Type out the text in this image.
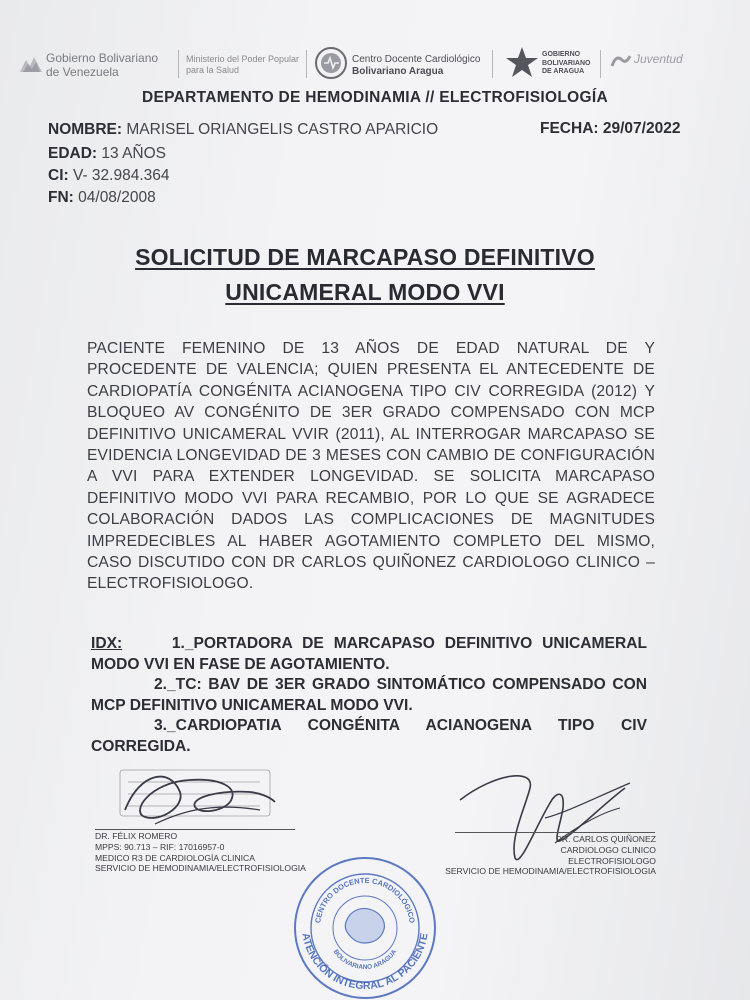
Gobierno Bolivariano
de Venezuela
Ministerio del Poder Popular
para la Salud
Centro Docente Cardiológico
Bolivariano Aragua
GOBIERNO
BOLIVARIANO
DE ARAGUA
Juventud
DEPARTAMENTO DE HEMODINAMIA // ELECTROFISIOLOGÍA
NOMBRE: MARISEL ORIANGELIS CASTRO APARICIO	FECHA: 29/07/2022
EDAD: 13 AÑOS
CI: V- 32.984.364
FN: 04/08/2008
SOLICITUD DE MARCAPASO DEFINITIVO
UNICAMERAL MODO VVI
PACIENTE FEMENINO DE 13 AÑOS DE EDAD NATURAL DE Y PROCEDENTE DE VALENCIA; QUIEN PRESENTA EL ANTECEDENTE DE CARDIOPATÍA CONGÉNITA ACIANOGENA TIPO CIV CORREGIDA (2012) Y BLOQUEO AV CONGÉNITO DE 3ER GRADO COMPENSADO CON MCP DEFINITIVO UNICAMERAL VVIR (2011), AL INTERROGAR MARCAPASO SE EVIDENCIA LONGEVIDAD DE 3 MESES CON CAMBIO DE CONFIGURACIÓN A VVI PARA EXTENDER LONGEVIDAD. SE SOLICITA MARCAPASO DEFINITIVO MODO VVI PARA RECAMBIO, POR LO QUE SE AGRADECE COLABORACIÓN DADOS LAS COMPLICACIONES DE MAGNITUDES IMPREDECIBLES AL HABER AGOTAMIENTO COMPLETO DEL MISMO, CASO DISCUTIDO CON DR CARLOS QUIÑONEZ CARDIOLOGO CLINICO – ELECTROFISIOLOGO.

IDX:	1._PORTADORA DE MARCAPASO DEFINITIVO UNICAMERAL MODO VVI EN FASE DE AGOTAMIENTO.

2._TC: BAV DE 3ER GRADO SINTOMÁTICO COMPENSADO CON MCP DEFINITIVO UNICAMERAL MODO VVI.

3._CARDIOPATIA CONGÉNITA ACIANOGENA TIPO CIV CORREGIDA.

DR. FÉLIX ROMERO
MPPS: 90.713 – RIF: 17016957-0
MEDICO R3 DE CARDIOLOGÍA CLINICA
SERVICIO DE HEMODINAMIA/ELECTROFISIOLOGIA
DR. CARLOS QUIÑONEZ
CARDIOLOGO CLINICO
ELECTROFISIOLOGO
SERVICIO DE HEMODINAMIA/ELECTROFISIOLOGIA
ATENCIÓN INTEGRAL AL PACIENTE
CENTRO DOCENTE CARDIOLÓGICO
BOLIVARIANO ARAGUA
